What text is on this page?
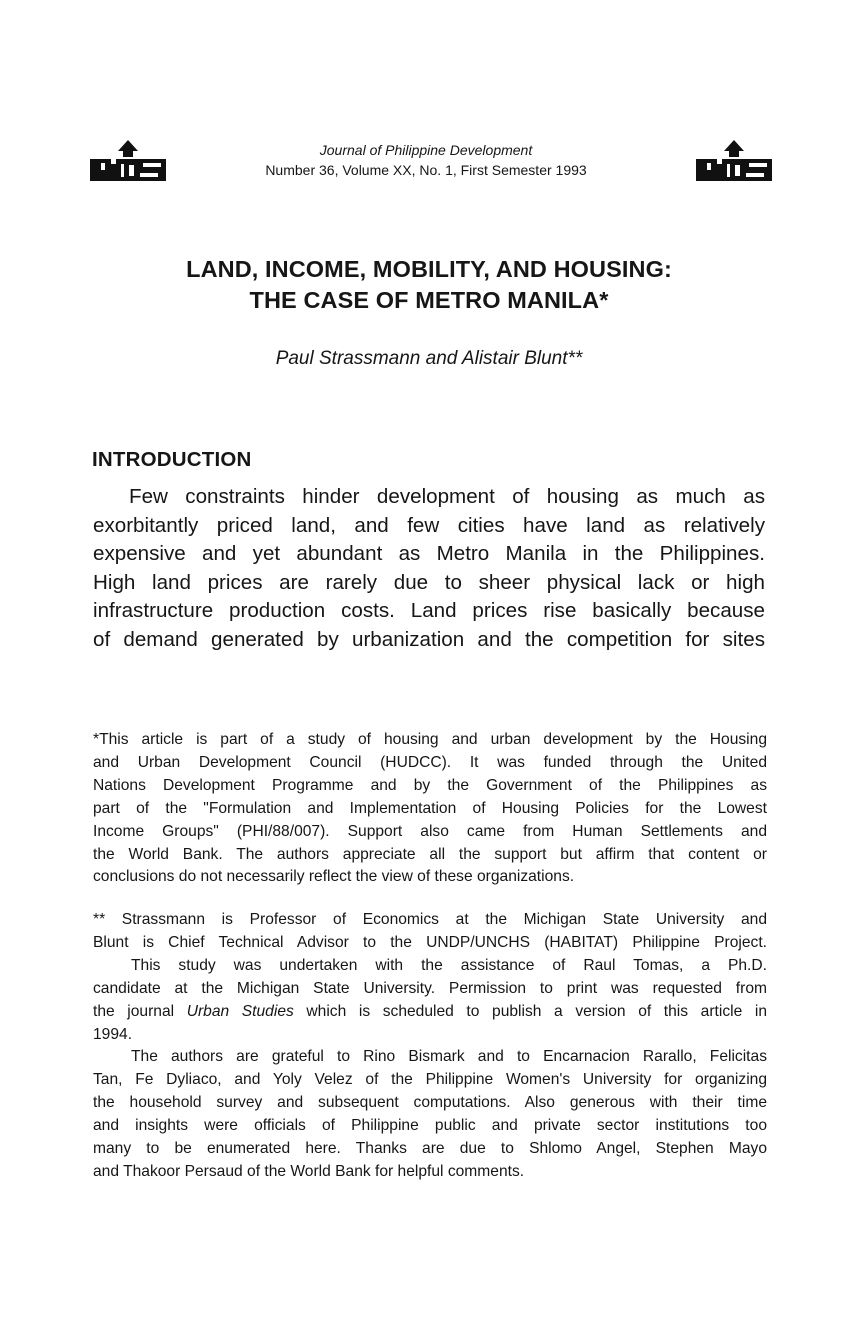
Journal of Philippine Development
Number 36, Volume XX, No. 1, First Semester 1993
LAND, INCOME, MOBILITY, AND HOUSING:
THE CASE OF METRO MANILA*
Paul Strassmann and Alistair Blunt**
INTRODUCTION
Few constraints hinder development of housing as much as
exorbitantly priced land, and few cities have land as relatively
expensive and yet abundant as Metro Manila in the Philippines.
High land prices are rarely due to sheer physical lack or high
infrastructure production costs. Land prices rise basically because
of demand generated by urbanization and the competition for sites
*This article is part of a study of housing and urban development by the Housing
and Urban Development Council (HUDCC). It was funded through the United
Nations Development Programme and by the Government of the Philippines as
part of the "Formulation and Implementation of Housing Policies for the Lowest
Income Groups" (PHI/88/007). Support also came from Human Settlements and
the World Bank. The authors appreciate all the support but affirm that content or
conclusions do not necessarily reflect the view of these organizations.
** Strassmann is Professor of Economics at the Michigan State University and
Blunt is Chief Technical Advisor to the UNDP/UNCHS (HABITAT) Philippine Project.
This study was undertaken with the assistance of Raul Tomas, a Ph.D.
candidate at the Michigan State University. Permission to print was requested from
the journal Urban Studies which is scheduled to publish a version of this article in
1994.
The authors are grateful to Rino Bismark and to Encarnacion Rarallo, Felicitas
Tan, Fe Dyliaco, and Yoly Velez of the Philippine Women's University for organizing
the household survey and subsequent computations. Also generous with their time
and insights were officials of Philippine public and private sector institutions too
many to be enumerated here. Thanks are due to Shlomo Angel, Stephen Mayo
and Thakoor Persaud of the World Bank for helpful comments.
